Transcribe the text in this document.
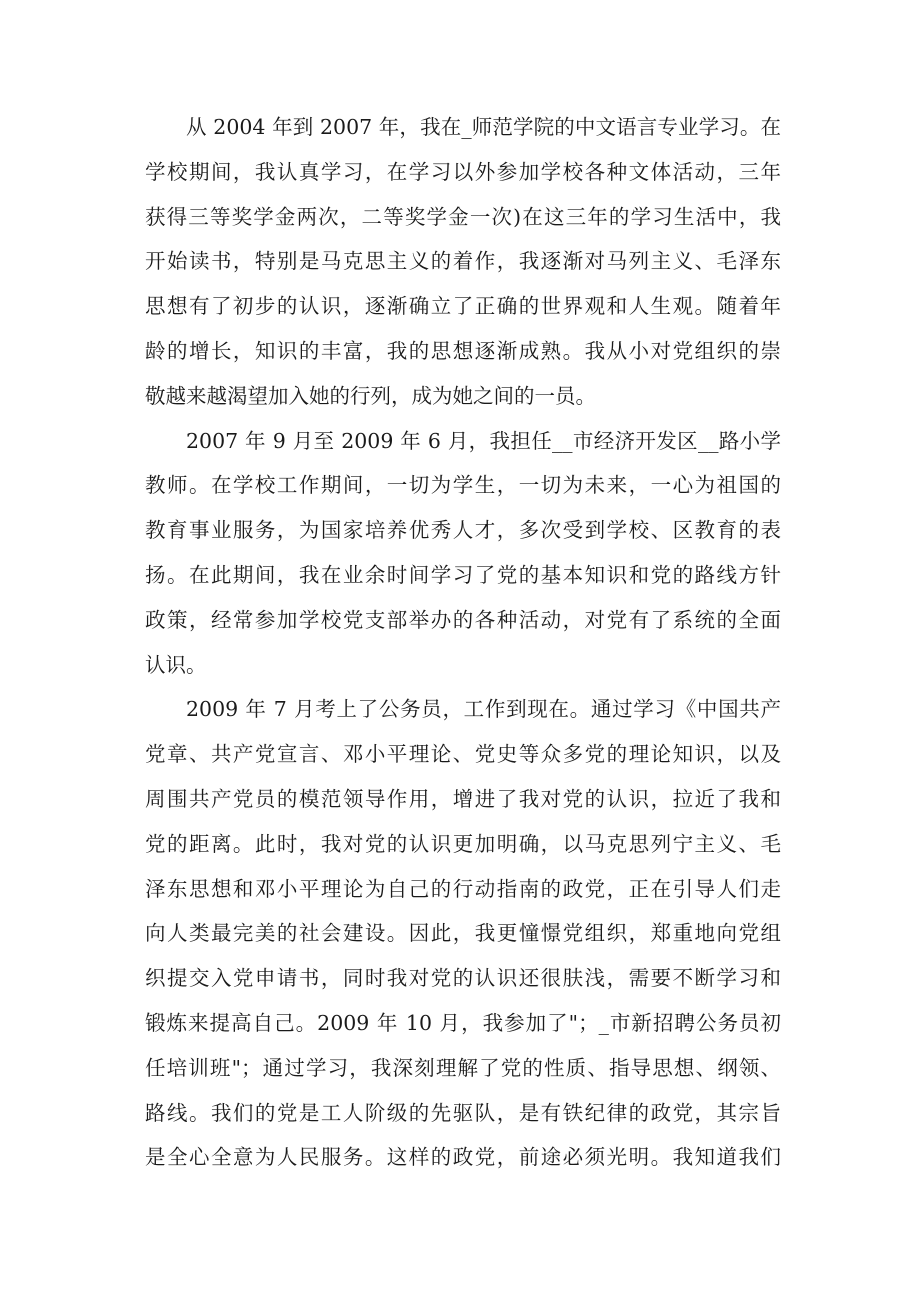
从 2004 年到 2007 年，我在_师范学院的中文语言专业学习。在
学校期间，我认真学习，在学习以外参加学校各种文体活动，三年
获得三等奖学金两次，二等奖学金一次)在这三年的学习生活中，我
开始读书，特别是马克思主义的着作，我逐渐对马列主义、毛泽东
思想有了初步的认识，逐渐确立了正确的世界观和人生观。随着年
龄的增长，知识的丰富，我的思想逐渐成熟。我从小对党组织的崇
敬越来越渴望加入她的行列，成为她之间的一员。
2007 年 9 月至 2009 年 6 月，我担任__市经济开发区__路小学
教师。在学校工作期间，一切为学生，一切为未来，一心为祖国的
教育事业服务，为国家培养优秀人才，多次受到学校、区教育的表
扬。在此期间，我在业余时间学习了党的基本知识和党的路线方针
政策，经常参加学校党支部举办的各种活动，对党有了系统的全面
认识。
2009 年 7 月考上了公务员，工作到现在。通过学习《中国共产
党章、共产党宣言、邓小平理论、党史等众多党的理论知识，以及
周围共产党员的模范领导作用，增进了我对党的认识，拉近了我和
党的距离。此时，我对党的认识更加明确，以马克思列宁主义、毛
泽东思想和邓小平理论为自己的行动指南的政党，正在引导人们走
向人类最完美的社会建设。因此，我更憧憬党组织，郑重地向党组
织提交入党申请书，同时我对党的认识还很肤浅，需要不断学习和
锻炼来提高自己。2009 年 10 月，我参加了"；_市新招聘公务员初
任培训班"；通过学习，我深刻理解了党的性质、指导思想、纲领、
路线。我们的党是工人阶级的先驱队，是有铁纪律的政党，其宗旨
是全心全意为人民服务。这样的政党，前途必须光明。我知道我们
